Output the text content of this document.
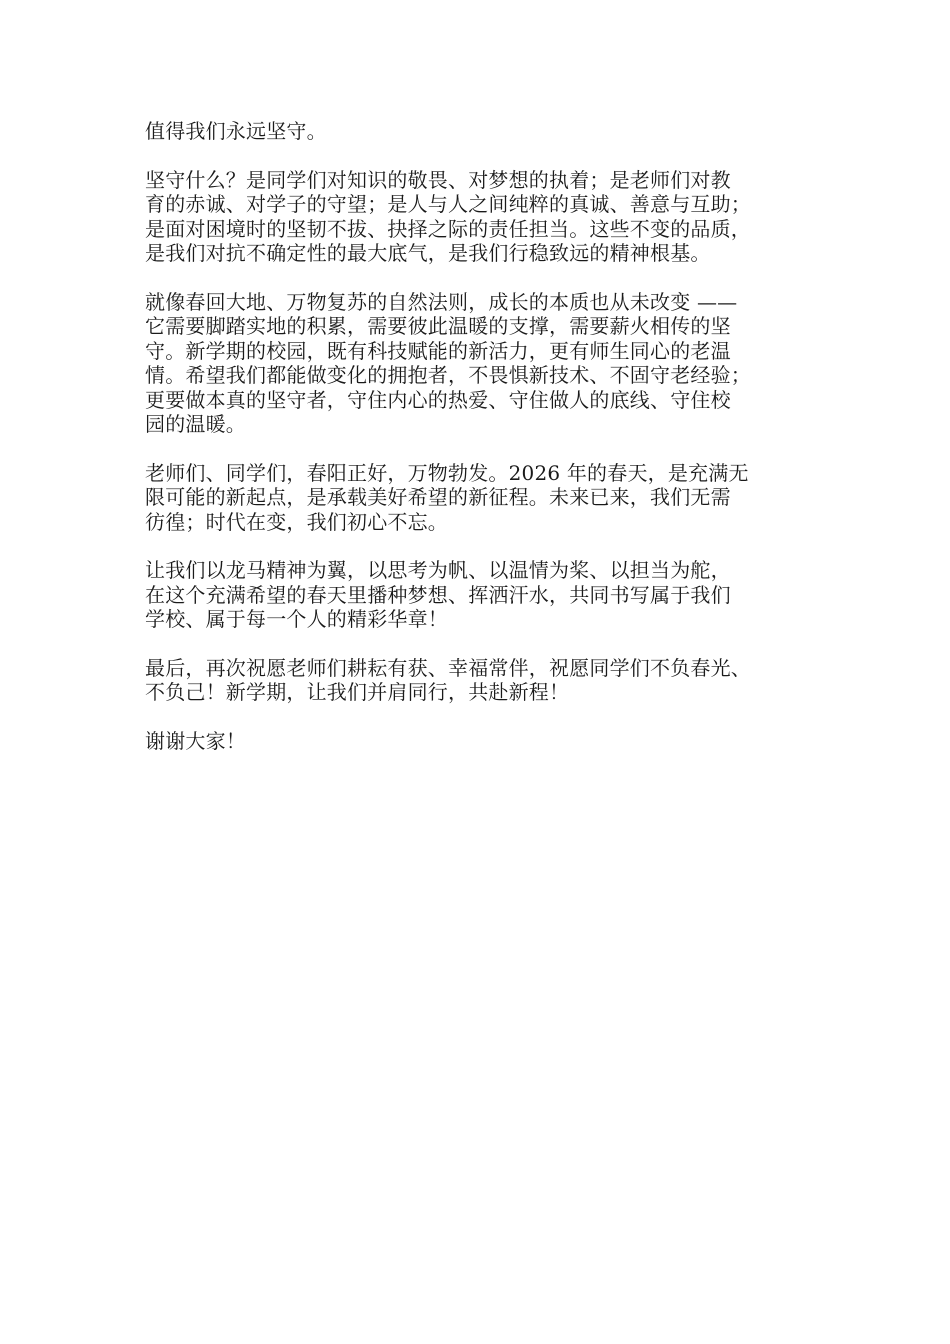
值得我们永远坚守。

坚守什么？是同学们对知识的敬畏、对梦想的执着；是老师们对教
育的赤诚、对学子的守望；是人与人之间纯粹的真诚、善意与互助；
是面对困境时的坚韧不拔、抉择之际的责任担当。这些不变的品质，
是我们对抗不确定性的最大底气，是我们行稳致远的精神根基。

就像春回大地、万物复苏的自然法则，成长的本质也从未改变 ——
它需要脚踏实地的积累，需要彼此温暖的支撑，需要薪火相传的坚
守。新学期的校园，既有科技赋能的新活力，更有师生同心的老温
情。希望我们都能做变化的拥抱者，不畏惧新技术、不固守老经验；
更要做本真的坚守者，守住内心的热爱、守住做人的底线、守住校
园的温暖。

老师们、同学们，春阳正好，万物勃发。2026 年的春天，是充满无
限可能的新起点，是承载美好希望的新征程。未来已来，我们无需
彷徨；时代在变，我们初心不忘。

让我们以龙马精神为翼，以思考为帆、以温情为桨、以担当为舵，
在这个充满希望的春天里播种梦想、挥洒汗水，共同书写属于我们
学校、属于每一个人的精彩华章！

最后，再次祝愿老师们耕耘有获、幸福常伴，祝愿同学们不负春光、
不负己！新学期，让我们并肩同行，共赴新程！

谢谢大家！
